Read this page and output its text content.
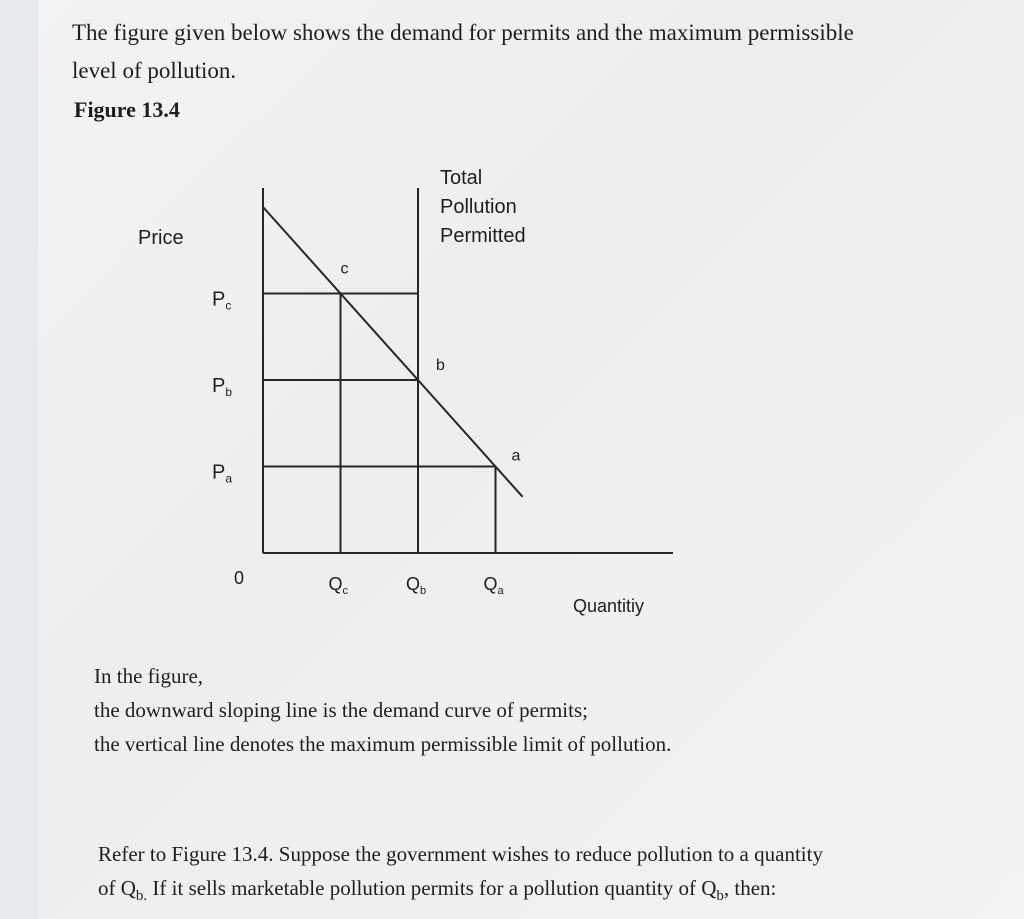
The figure given below shows the demand for permits and the maximum permissible
level of pollution.
Figure 13.4
Price
Quantitiy
Total
Pollution
Permitted
$P_c$
$P_b$
$P_a$
$Q_c$	$Q_b$	$Q_a$
0
c
b
a
In the figure,
the downward sloping line is the demand curve of permits;
the vertical line denotes the maximum permissible limit of pollution.
Refer to Figure 13.4. Suppose the government wishes to reduce pollution to a quantity
of $Q_{b.}$ If it sells marketable pollution permits for a pollution quantity of $Q_b$, then:
